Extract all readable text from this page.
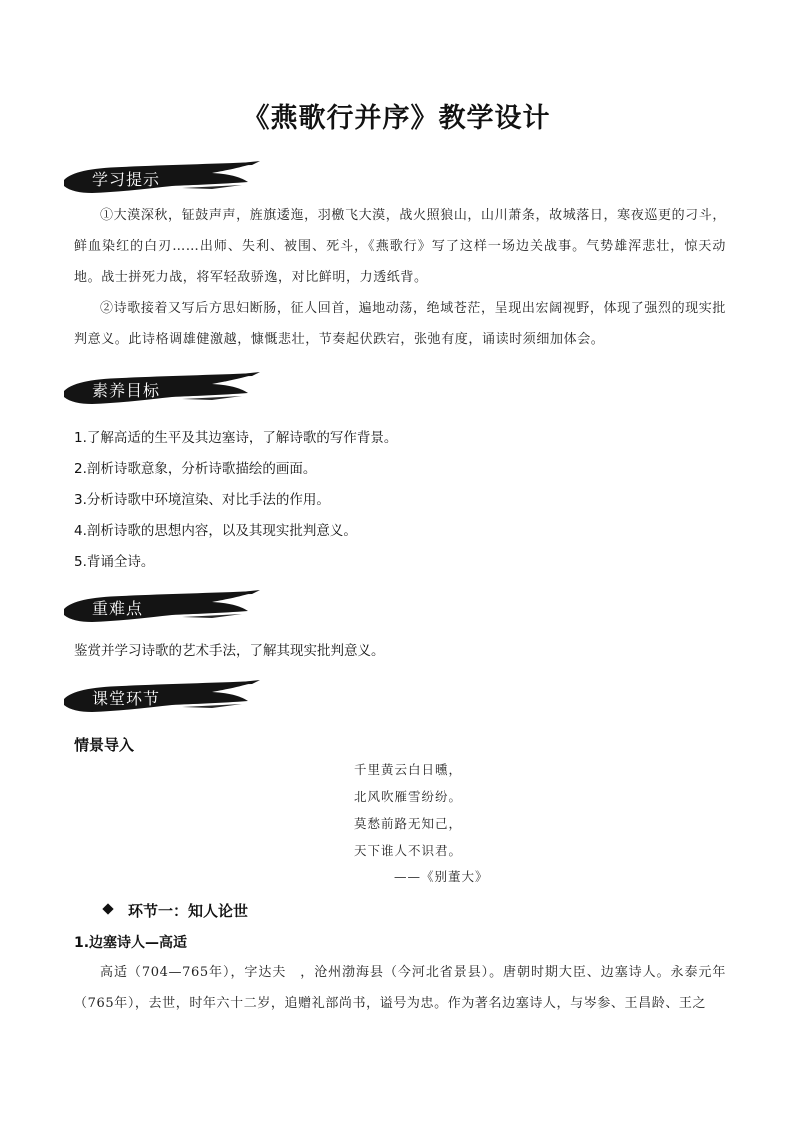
《燕歌行并序》教学设计
学习提示
①大漠深秋，钲鼓声声，旌旗逶迤，羽檄飞大漠，战火照狼山，山川萧条，故城落日，寒夜巡更的刁斗，鲜血染红的白刃……出师、失利、被围、死斗，《燕歌行》写了这样一场边关战事。气势雄浑悲壮，惊天动地。战士拼死力战，将军轻敌骄逸，对比鲜明，力透纸背。
②诗歌接着又写后方思妇断肠，征人回首，遍地动荡，绝域苍茫，呈现出宏阔视野，体现了强烈的现实批判意义。此诗格调雄健激越，慷慨悲壮，节奏起伏跌宕，张弛有度，诵读时须细加体会。
素养目标
1.了解高适的生平及其边塞诗，了解诗歌的写作背景。
2.剖析诗歌意象，分析诗歌描绘的画面。
3.分析诗歌中环境渲染、对比手法的作用。
4.剖析诗歌的思想内容，以及其现实批判意义。
5.背诵全诗。
重难点
鉴赏并学习诗歌的艺术手法，了解其现实批判意义。
课堂环节
情景导入
千里黄云白日曛，
北风吹雁雪纷纷。
莫愁前路无知己，
天下谁人不识君。
——《别董大》
环节一：知人论世
1.边塞诗人—高适
高适（704—765年），字达夫　，沧州渤海县（今河北省景县）。唐朝时期大臣、边塞诗人。永泰元年（765年），去世，时年六十二岁，追赠礼部尚书，谥号为忠。作为著名边塞诗人，与岑参、王昌龄、王之
